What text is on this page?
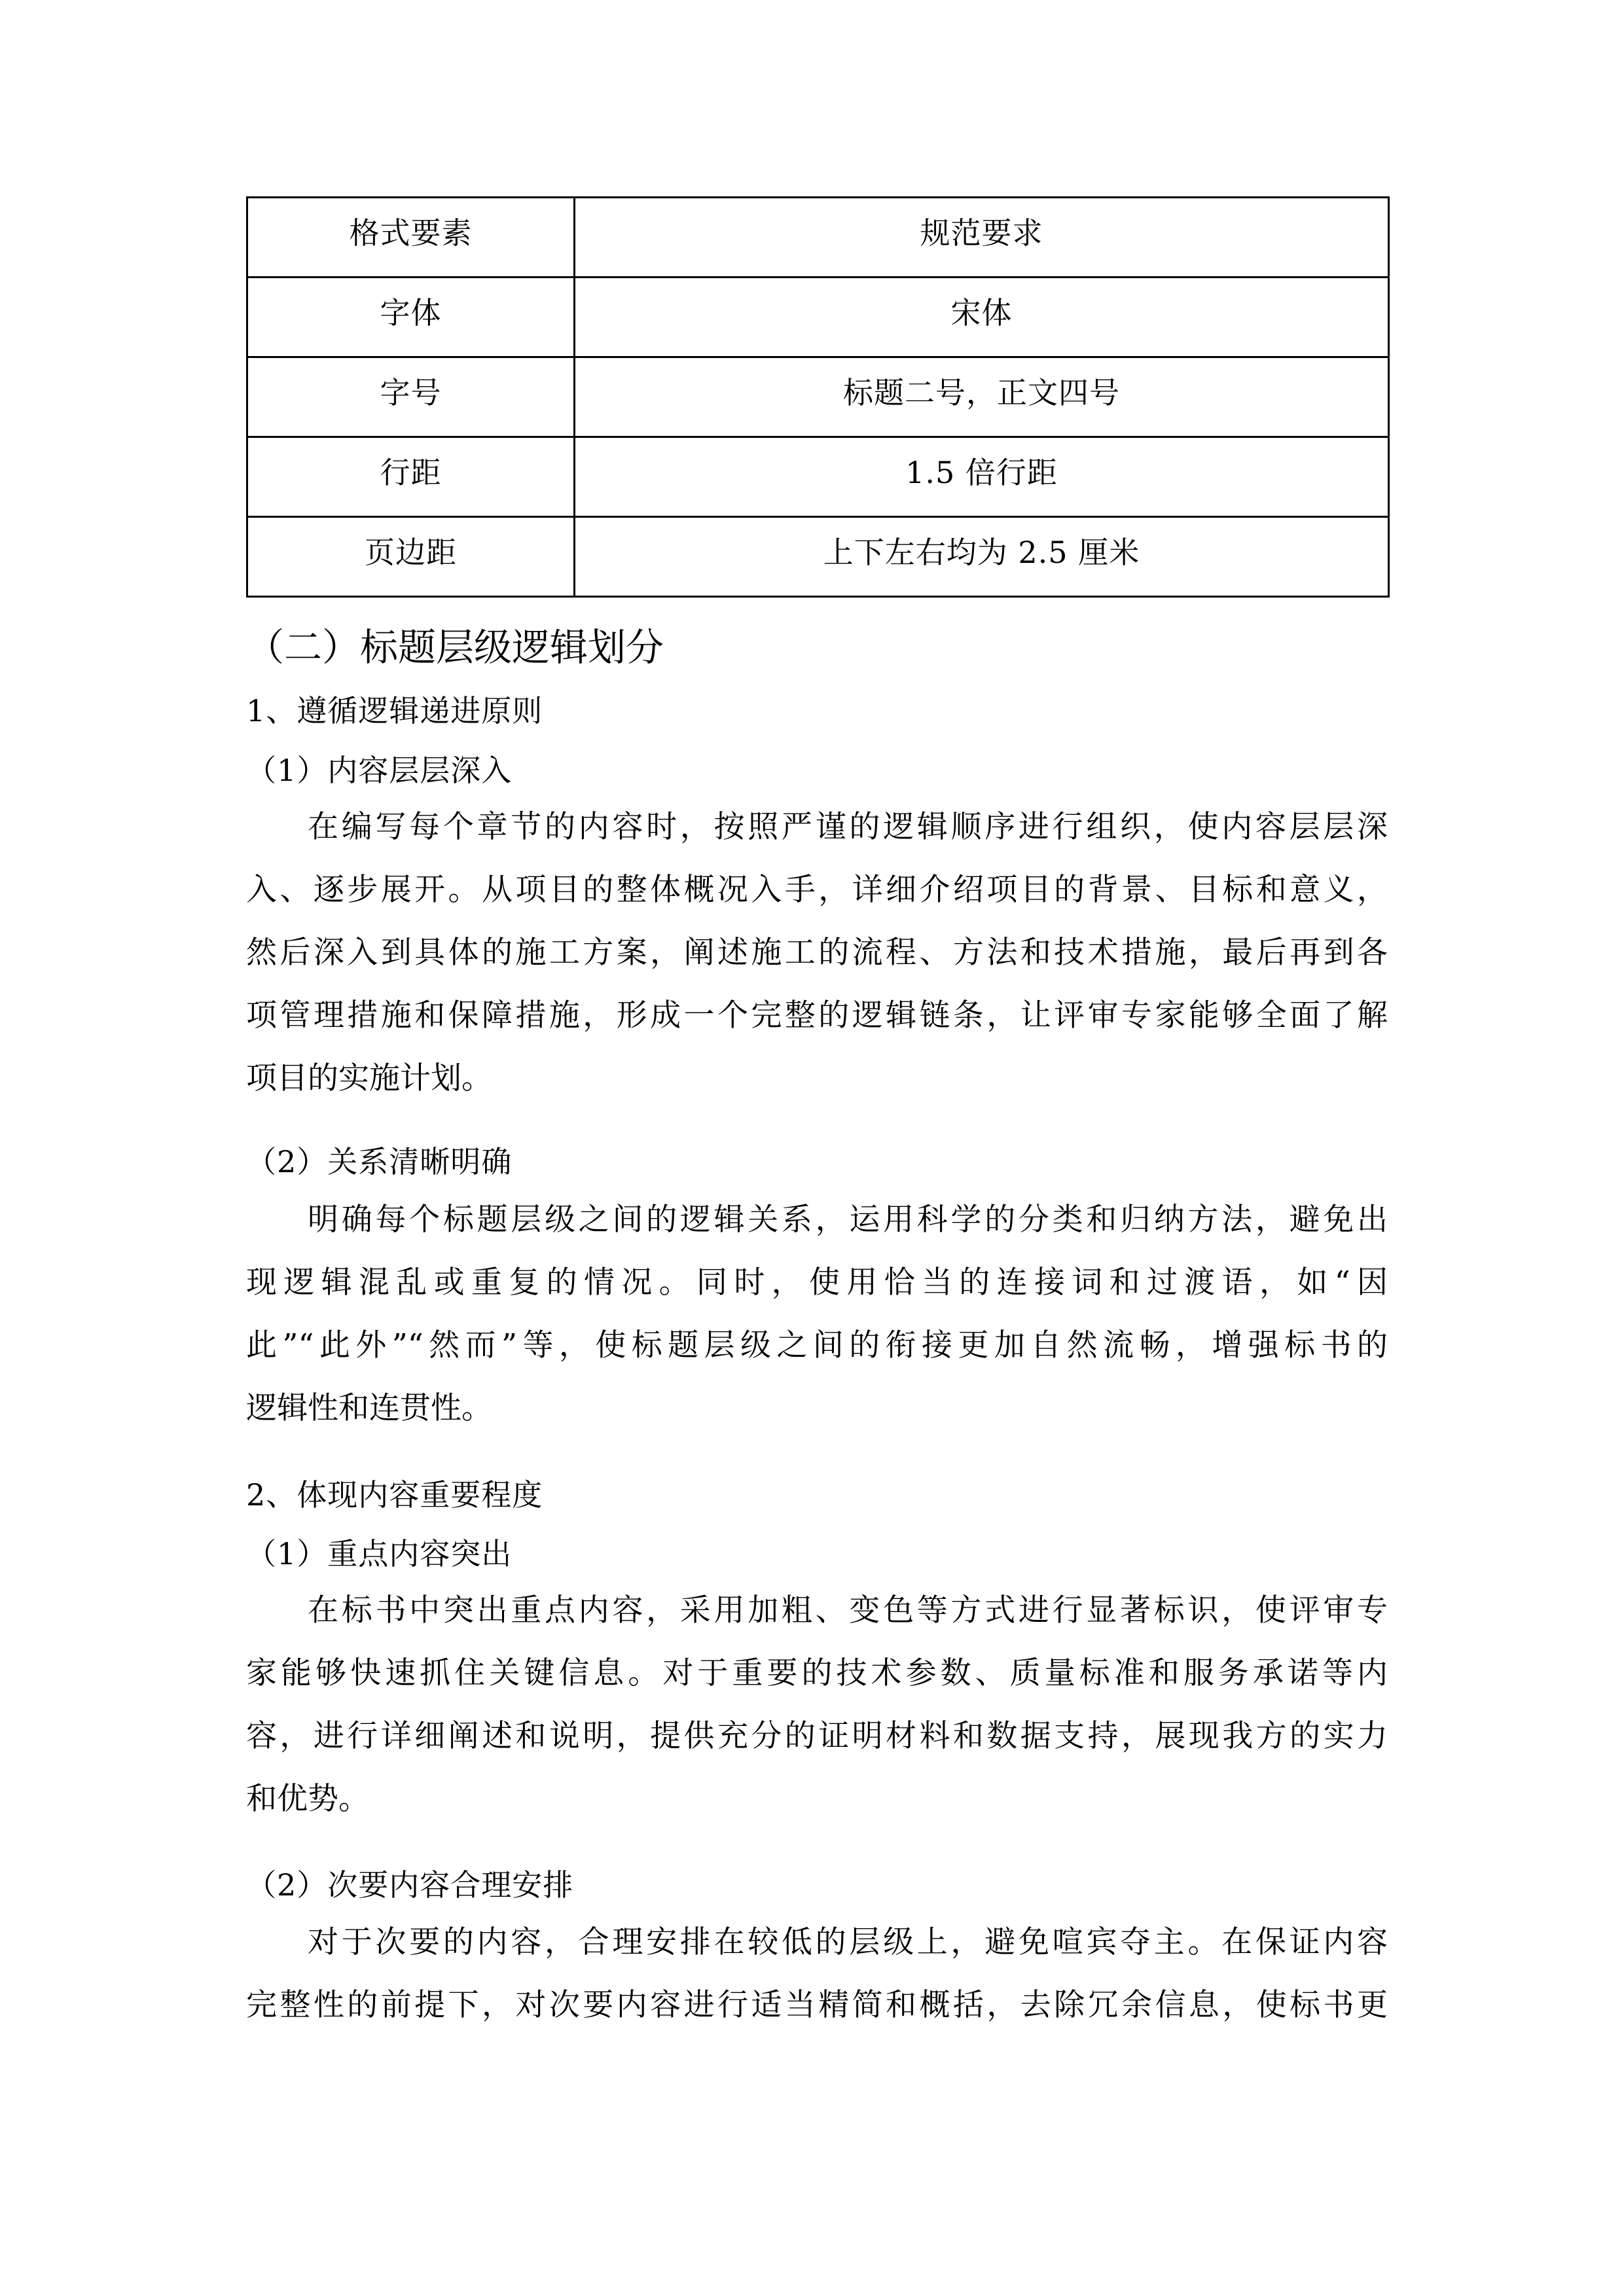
格式要素	规范要求

字体	宋体

字号	标题二号，正文四号

行距	1.5 倍行距

页边距	上下左右均为 2.5 厘米
（二）标题层级逻辑划分
1、遵循逻辑递进原则
（1）内容层层深入
在编写每个章节的内容时，按照严谨的逻辑顺序进行组织，使内容层层深
入、逐步展开。从项目的整体概况入手，详细介绍项目的背景、目标和意义，
然后深入到具体的施工方案，阐述施工的流程、方法和技术措施，最后再到各
项管理措施和保障措施，形成一个完整的逻辑链条，让评审专家能够全面了解
项目的实施计划。
（2）关系清晰明确
明确每个标题层级之间的逻辑关系，运用科学的分类和归纳方法，避免出
现逻辑混乱或重复的情况。同时，使用恰当的连接词和过渡语，如“因
此”“此外”“然而”等，使标题层级之间的衔接更加自然流畅，增强标书的
逻辑性和连贯性。
2、体现内容重要程度
（1）重点内容突出
在标书中突出重点内容，采用加粗、变色等方式进行显著标识，使评审专
家能够快速抓住关键信息。对于重要的技术参数、质量标准和服务承诺等内
容，进行详细阐述和说明，提供充分的证明材料和数据支持，展现我方的实力
和优势。
（2）次要内容合理安排
对于次要的内容，合理安排在较低的层级上，避免喧宾夺主。在保证内容
完整性的前提下，对次要内容进行适当精简和概括，去除冗余信息，使标书更
